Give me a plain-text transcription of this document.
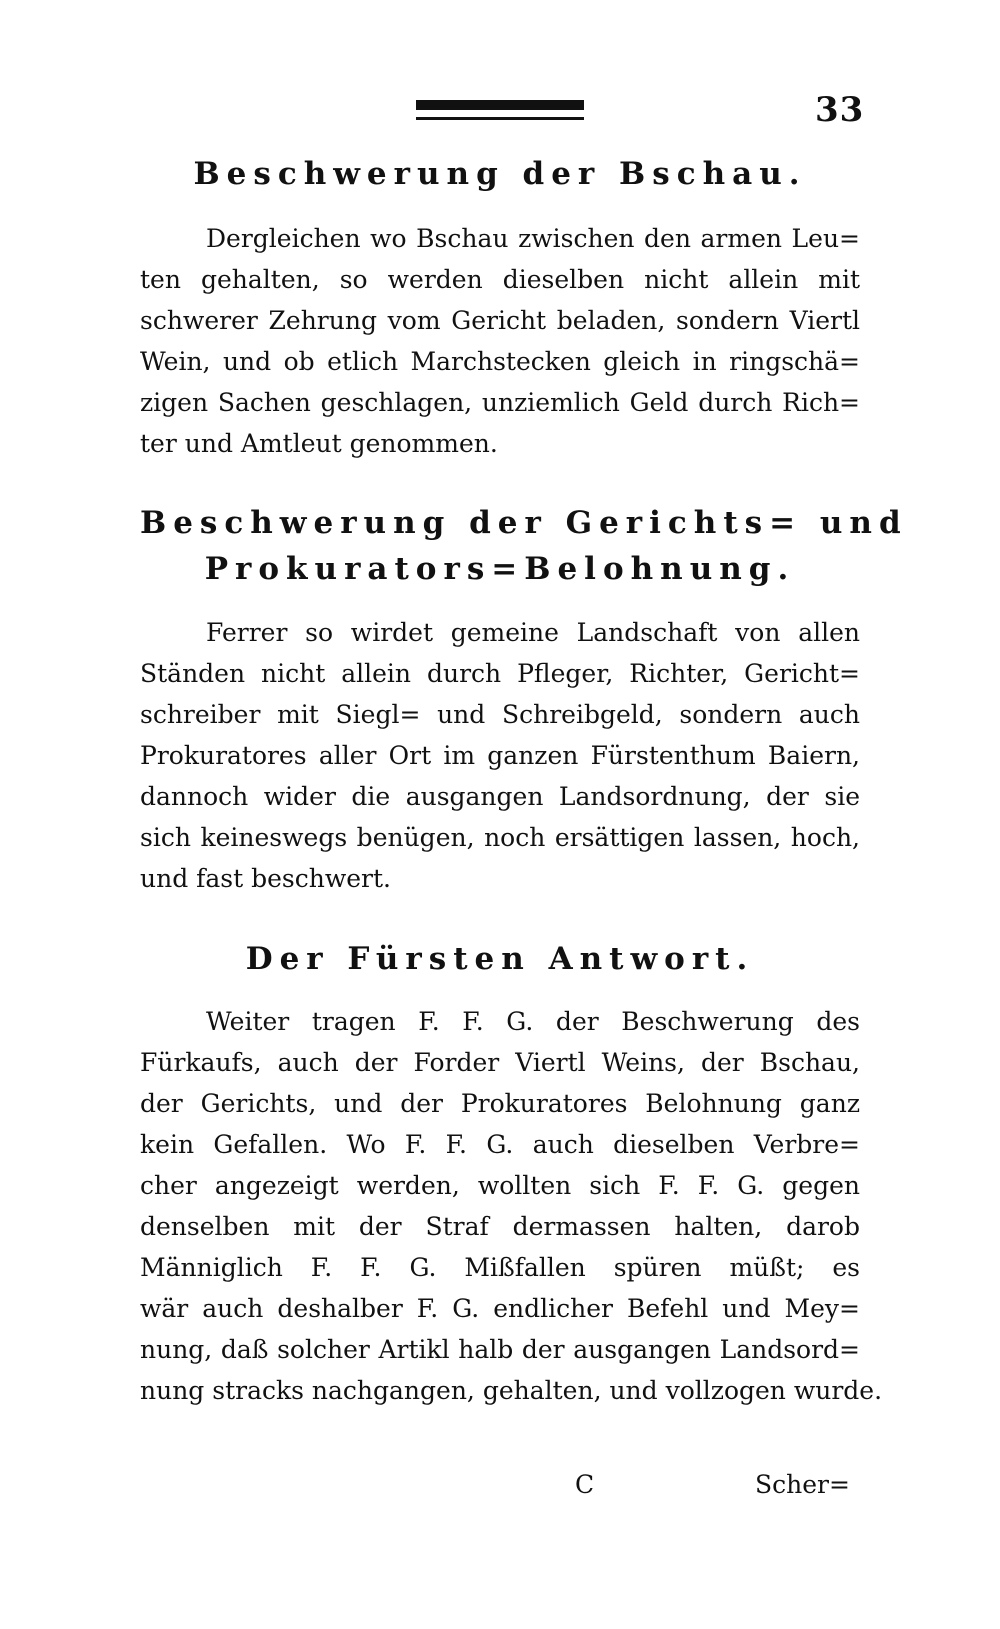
33
Beschwerung der Bschau.
Dergleichen wo Bschau zwischen den armen Leu=
ten gehalten, so werden dieselben nicht allein mit
schwerer Zehrung vom Gericht beladen, sondern Viertl
Wein, und ob etlich Marchstecken gleich in ringschä=
zigen Sachen geschlagen, unziemlich Geld durch Rich=
ter und Amtleut genommen.
Beschwerung der Gerichts= und
Prokurators=Belohnung.
Ferrer so wirdet gemeine Landschaft von allen
Ständen nicht allein durch Pfleger, Richter, Gericht=
schreiber mit Siegl= und Schreibgeld, sondern auch
Prokuratores aller Ort im ganzen Fürstenthum Baiern,
dannoch wider die ausgangen Landsordnung, der sie
sich keineswegs benügen, noch ersättigen lassen, hoch,
und fast beschwert.
Der Fürsten Antwort.
Weiter tragen F. F. G. der Beschwerung des
Fürkaufs, auch der Forder Viertl Weins, der Bschau,
der Gerichts, und der Prokuratores Belohnung ganz
kein Gefallen. Wo F. F. G. auch dieselben Verbre=
cher angezeigt werden, wollten sich F. F. G. gegen
denselben mit der Straf dermassen halten, darob
Männiglich F. F. G. Mißfallen spüren müßt; es
wär auch deshalber F. G. endlicher Befehl und Mey=
nung, daß solcher Artikl halb der ausgangen Landsord=
nung stracks nachgangen, gehalten, und vollzogen wurde.
C	Scher=
